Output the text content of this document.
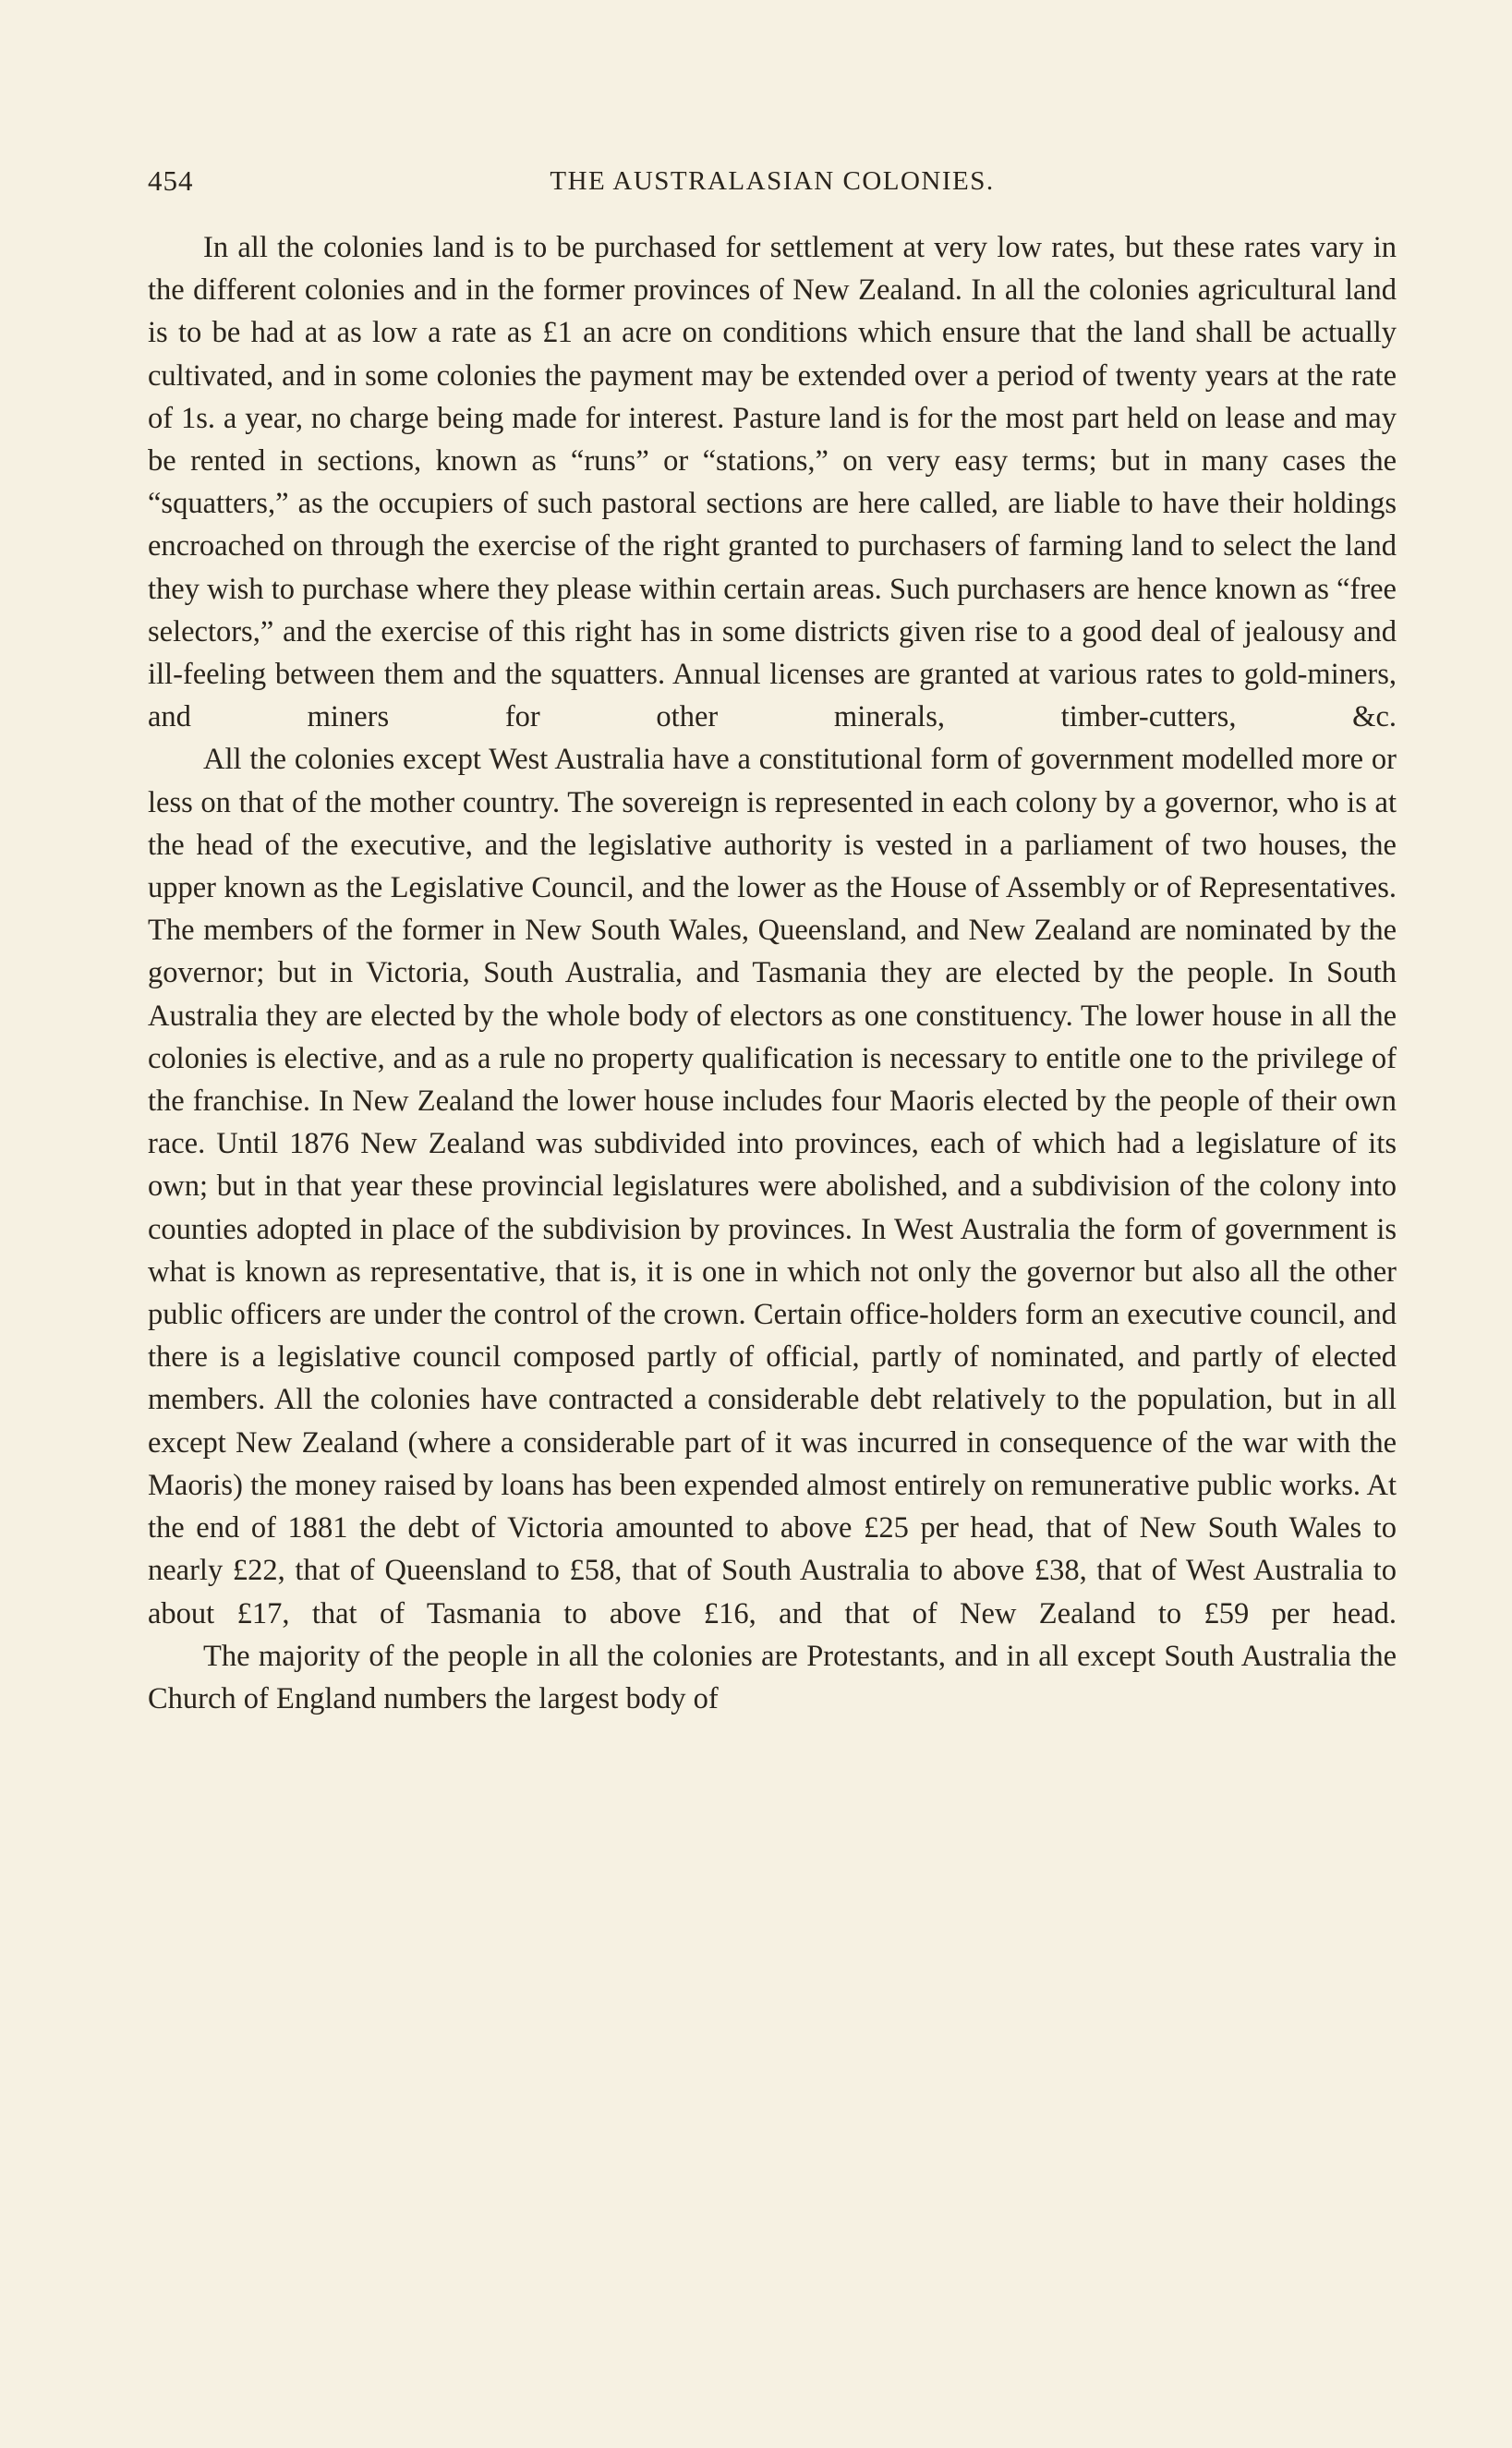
454	THE AUSTRALASIAN COLONIES.

In all the colonies land is to be purchased for settlement at very low rates, but these rates vary in the different colonies and in the former provinces of New Zealand. In all the colonies agricultural land is to be had at as low a rate as £1 an acre on conditions which ensure that the land shall be actually cultivated, and in some colonies the payment may be extended over a period of twenty years at the rate of 1s. a year, no charge being made for interest. Pasture land is for the most part held on lease and may be rented in sections, known as “runs” or “stations,” on very easy terms; but in many cases the “squatters,” as the occupiers of such pastoral sections are here called, are liable to have their holdings encroached on through the exercise of the right granted to purchasers of farming land to select the land they wish to purchase where they please within certain areas. Such purchasers are hence known as “free selectors,” and the exercise of this right has in some districts given rise to a good deal of jealousy and ill-feeling between them and the squatters. Annual licenses are granted at various rates to gold-miners, and miners for other minerals, timber-cutters, &c.

All the colonies except West Australia have a constitutional form of government modelled more or less on that of the mother country. The sovereign is represented in each colony by a governor, who is at the head of the executive, and the legislative authority is vested in a parliament of two houses, the upper known as the Legislative Council, and the lower as the House of Assembly or of Representatives. The members of the former in New South Wales, Queensland, and New Zealand are nominated by the governor; but in Victoria, South Australia, and Tasmania they are elected by the people. In South Australia they are elected by the whole body of electors as one constituency. The lower house in all the colonies is elective, and as a rule no property qualification is necessary to entitle one to the privilege of the franchise. In New Zealand the lower house includes four Maoris elected by the people of their own race. Until 1876 New Zealand was subdivided into provinces, each of which had a legislature of its own; but in that year these provincial legislatures were abolished, and a subdivision of the colony into counties adopted in place of the subdivision by provinces. In West Australia the form of government is what is known as representative, that is, it is one in which not only the governor but also all the other public officers are under the control of the crown. Certain office-holders form an executive council, and there is a legislative council composed partly of official, partly of nominated, and partly of elected members. All the colonies have contracted a considerable debt relatively to the population, but in all except New Zealand (where a considerable part of it was incurred in consequence of the war with the Maoris) the money raised by loans has been expended almost entirely on remunerative public works. At the end of 1881 the debt of Victoria amounted to above £25 per head, that of New South Wales to nearly £22, that of Queensland to £58, that of South Australia to above £38, that of West Australia to about £17, that of Tasmania to above £16, and that of New Zealand to £59 per head.

The majority of the people in all the colonies are Protestants, and in all except South Australia the Church of England numbers the largest body of
